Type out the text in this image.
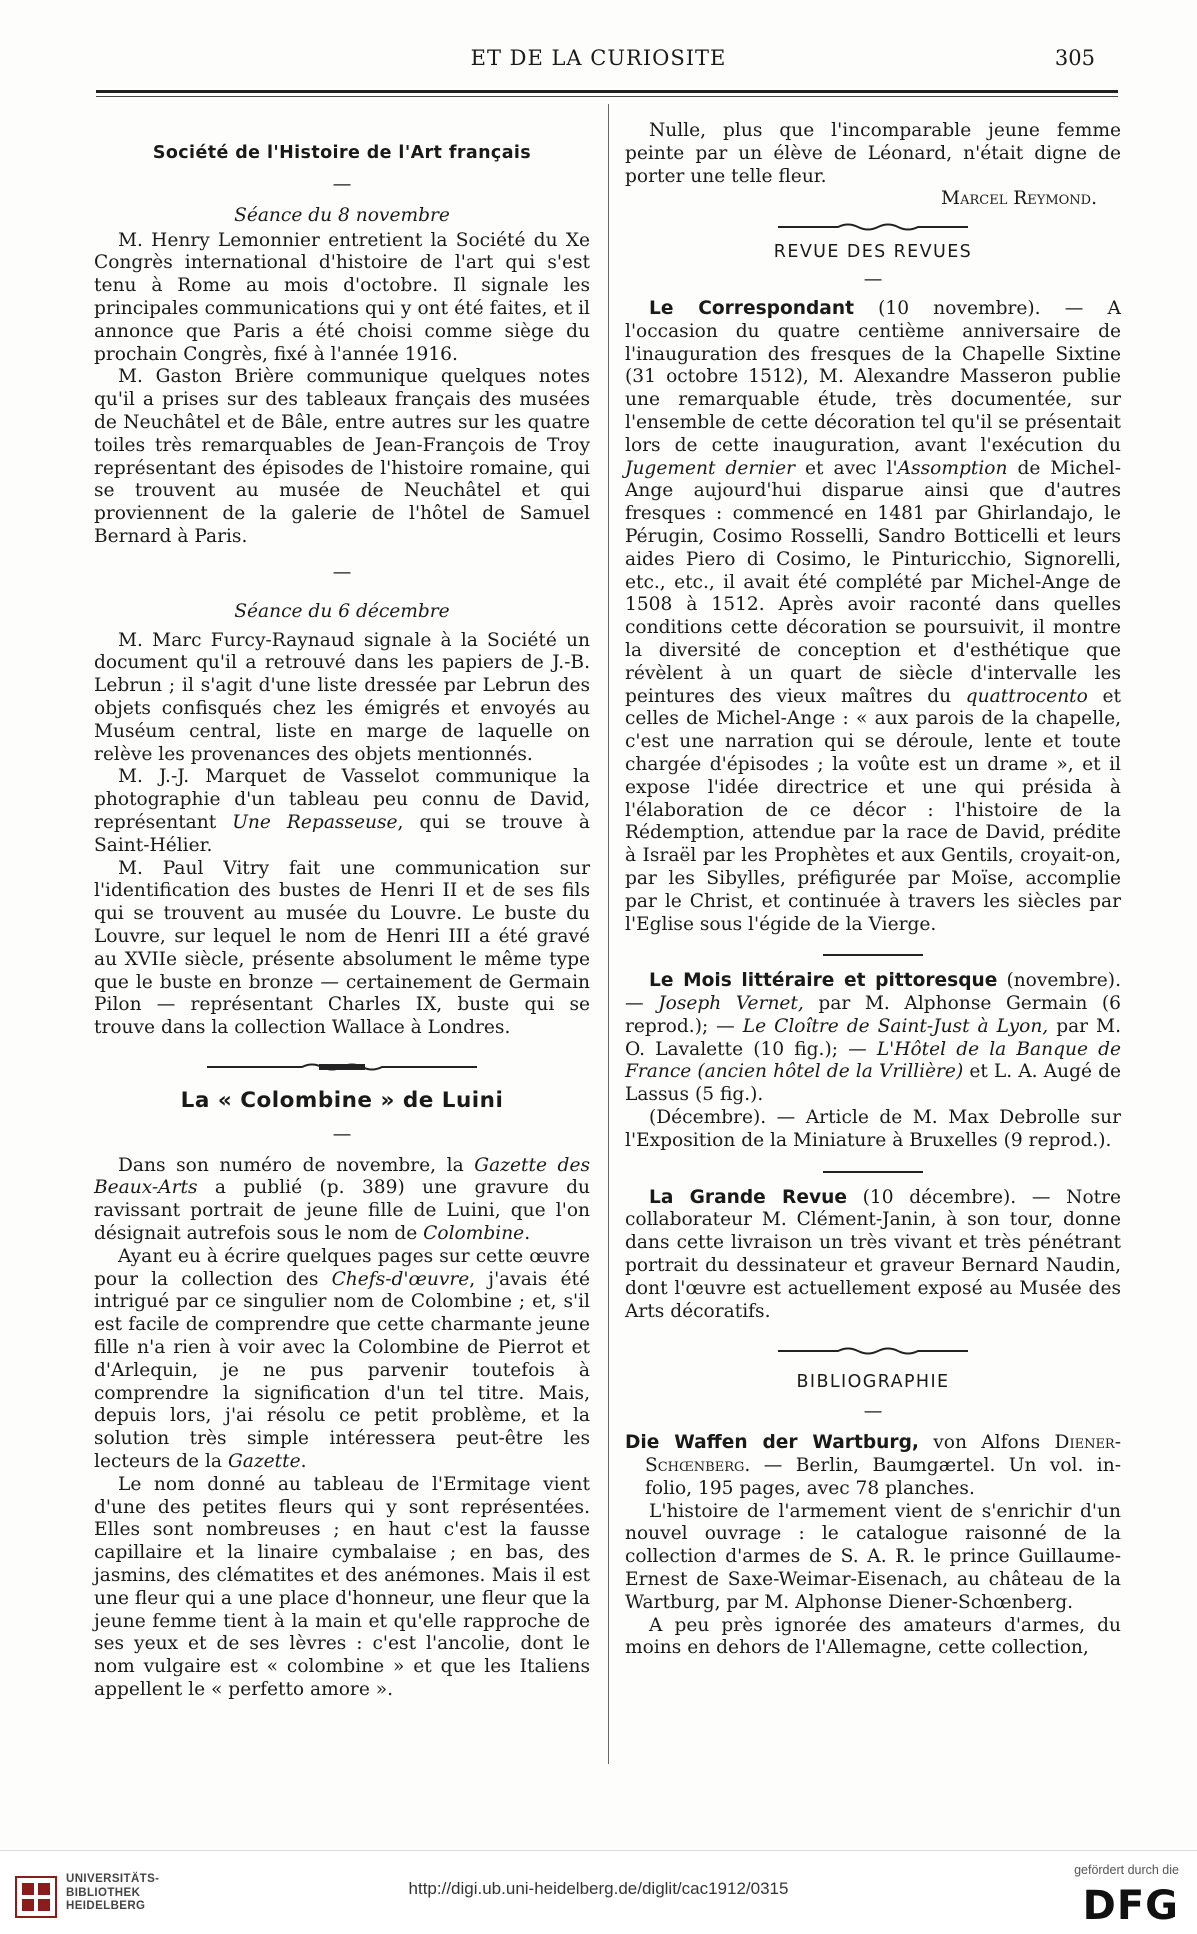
ET DE LA CURIOSITE	305
Société de l'Histoire de l'Art français
—
Séance du 8 novembre

M. Henry Lemonnier entretient la Société du Xe Congrès international d'histoire de l'art qui s'est tenu à Rome au mois d'octobre. Il signale les principales communications qui y ont été faites, et il annonce que Paris a été choisi comme siège du prochain Congrès, fixé à l'année 1916.

M. Gaston Brière communique quelques notes qu'il a prises sur des tableaux français des musées de Neuchâtel et de Bâle, entre autres sur les quatre toiles très remarquables de Jean-François de Troy représentant des épisodes de l'histoire romaine, qui se trouvent au musée de Neuchâtel et qui proviennent de la galerie de l'hôtel de Samuel Bernard à Paris.

—
Séance du 6 décembre

M. Marc Furcy-Raynaud signale à la Société un document qu'il a retrouvé dans les papiers de J.-B. Lebrun ; il s'agit d'une liste dressée par Lebrun des objets confisqués chez les émigrés et envoyés au Muséum central, liste en marge de laquelle on relève les provenances des objets mentionnés.

M. J.-J. Marquet de Vasselot communique la photographie d'un tableau peu connu de David, représentant Une Repasseuse, qui se trouve à Saint-Hélier.

M. Paul Vitry fait une communication sur l'identification des bustes de Henri II et de ses fils qui se trouvent au musée du Louvre. Le buste du Louvre, sur lequel le nom de Henri III a été gravé au XVIIe siècle, présente absolument le même type que le buste en bronze — certainement de Germain Pilon — représentant Charles IX, buste qui se trouve dans la collection Wallace à Londres.

La « Colombine » de Luini
—

Dans son numéro de novembre, la Gazette des Beaux-Arts a publié (p. 389) une gravure du ravissant portrait de jeune fille de Luini, que l'on désignait autrefois sous le nom de Colombine.

Ayant eu à écrire quelques pages sur cette œuvre pour la collection des Chefs-d'œuvre, j'avais été intrigué par ce singulier nom de Colombine ; et, s'il est facile de comprendre que cette charmante jeune fille n'a rien à voir avec la Colombine de Pierrot et d'Arlequin, je ne pus parvenir toutefois à comprendre la signification d'un tel titre. Mais, depuis lors, j'ai résolu ce petit problème, et la solution très simple intéressera peut-être les lecteurs de la Gazette.

Le nom donné au tableau de l'Ermitage vient d'une des petites fleurs qui y sont représentées. Elles sont nombreuses ; en haut c'est la fausse capillaire et la linaire cymbalaise ; en bas, des jasmins, des clématites et des anémones. Mais il est une fleur qui a une place d'honneur, une fleur que la jeune femme tient à la main et qu'elle rapproche de ses yeux et de ses lèvres : c'est l'ancolie, dont le nom vulgaire est « colombine » et que les Italiens appellent le « perfetto amore ».

Nulle, plus que l'incomparable jeune femme peinte par un élève de Léonard, n'était digne de porter une telle fleur.

Marcel Reymond.
REVUE DES REVUES
—

Le Correspondant (10 novembre). — A l'occasion du quatre centième anniversaire de l'inauguration des fresques de la Chapelle Sixtine (31 octobre 1512), M. Alexandre Masseron publie une remarquable étude, très documentée, sur l'ensemble de cette décoration tel qu'il se présentait lors de cette inauguration, avant l'exécution du Jugement dernier et avec l'Assomption de Michel-Ange aujourd'hui disparue ainsi que d'autres fresques : commencé en 1481 par Ghirlandajo, le Pérugin, Cosimo Rosselli, Sandro Botticelli et leurs aides Piero di Cosimo, le Pinturicchio, Signorelli, etc., etc., il avait été complété par Michel-Ange de 1508 à 1512. Après avoir raconté dans quelles conditions cette décoration se poursuivit, il montre la diversité de conception et d'esthétique que révèlent à un quart de siècle d'intervalle les peintures des vieux maîtres du quattrocento et celles de Michel-Ange : « aux parois de la chapelle, c'est une narration qui se déroule, lente et toute chargée d'épisodes ; la voûte est un drame », et il expose l'idée directrice et une qui présida à l'élaboration de ce décor : l'histoire de la Rédemption, attendue par la race de David, prédite à Israël par les Prophètes et aux Gentils, croyait-on, par les Sibylles, préfigurée par Moïse, accomplie par le Christ, et continuée à travers les siècles par l'Eglise sous l'égide de la Vierge.

Le Mois littéraire et pittoresque (novembre). — Joseph Vernet, par M. Alphonse Germain (6 reprod.); — Le Cloître de Saint-Just à Lyon, par M. O. Lavalette (10 fig.); — L'Hôtel de la Banque de France (ancien hôtel de la Vrillière) et L. A. Augé de Lassus (5 fig.).

(Décembre). — Article de M. Max Debrolle sur l'Exposition de la Miniature à Bruxelles (9 reprod.).

La Grande Revue (10 décembre). — Notre collaborateur M. Clément-Janin, à son tour, donne dans cette livraison un très vivant et très pénétrant portrait du dessinateur et graveur Bernard Naudin, dont l'œuvre est actuellement exposé au Musée des Arts décoratifs.

BIBLIOGRAPHIE
—

Die Waffen der Wartburg, von Alfons Diener-Schœnberg. — Berlin, Baumgærtel. Un vol. in-folio, 195 pages, avec 78 planches.

L'histoire de l'armement vient de s'enrichir d'un nouvel ouvrage : le catalogue raisonné de la collection d'armes de S. A. R. le prince Guillaume-Ernest de Saxe-Weimar-Eisenach, au château de la Wartburg, par M. Alphonse Diener-Schœnberg.

A peu près ignorée des amateurs d'armes, du moins en dehors de l'Allemagne, cette collection,

UNIVERSITÄTS-
BIBLIOTHEK
HEIDELBERG
http://digi.ub.uni-heidelberg.de/diglit/cac1912/0315
gefördert durch die
DFG
